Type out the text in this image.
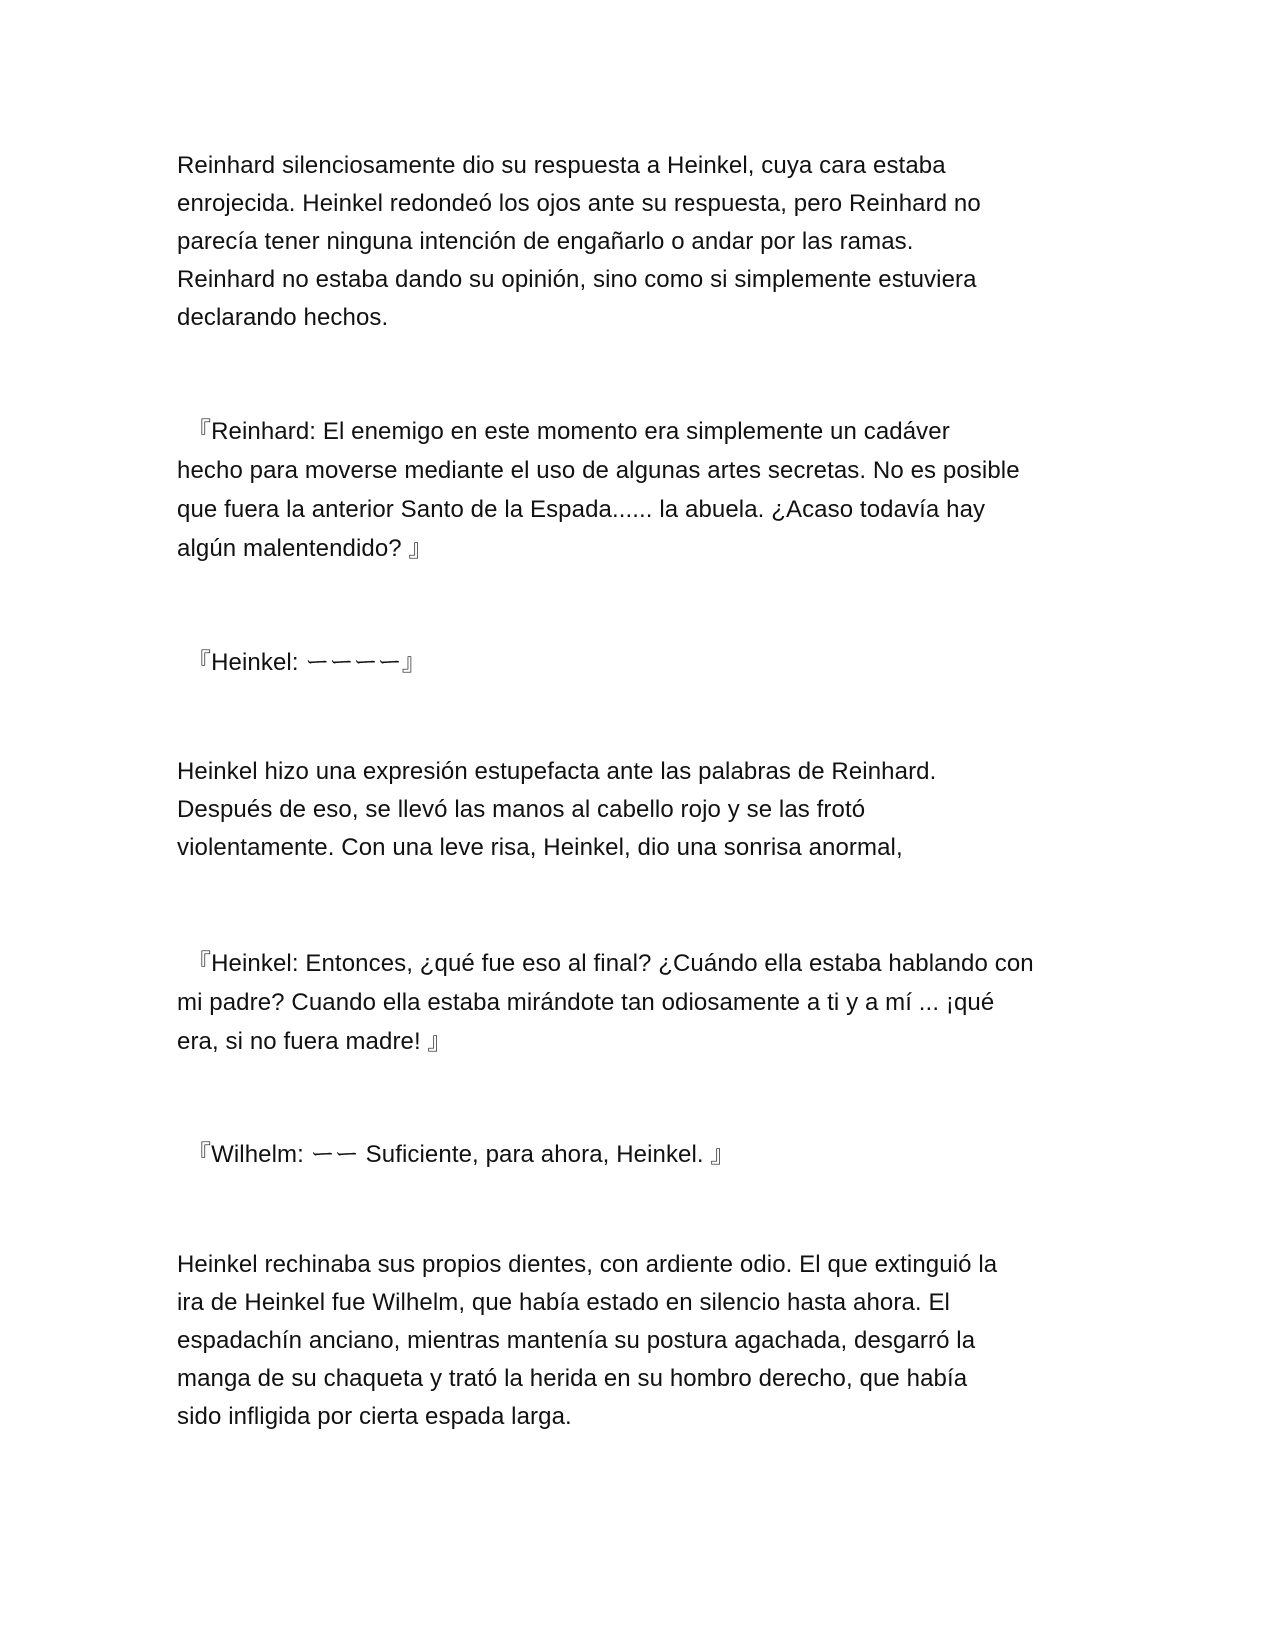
Reinhard silenciosamente dio su respuesta a Heinkel, cuya cara estaba
enrojecida. Heinkel redondeó los ojos ante su respuesta, pero Reinhard no
parecía tener ninguna intención de engañarlo o andar por las ramas.
Reinhard no estaba dando su opinión, sino como si simplemente estuviera
declarando hechos.

『Reinhard: El enemigo en este momento era simplemente un cadáver
hecho para moverse mediante el uso de algunas artes secretas. No es posible
que fuera la anterior Santo de la Espada...... la abuela. ¿Acaso todavía hay
algún malentendido? 』

『Heinkel: ーーーー』

Heinkel hizo una expresión estupefacta ante las palabras de Reinhard.
Después de eso, se llevó las manos al cabello rojo y se las frotó
violentamente. Con una leve risa, Heinkel, dio una sonrisa anormal,

『Heinkel: Entonces, ¿qué fue eso al final? ¿Cuándo ella estaba hablando con
mi padre? Cuando ella estaba mirándote tan odiosamente a ti y a mí ... ¡qué
era, si no fuera madre! 』

『Wilhelm: ーー Suficiente, para ahora, Heinkel. 』

Heinkel rechinaba sus propios dientes, con ardiente odio. El que extinguió la
ira de Heinkel fue Wilhelm, que había estado en silencio hasta ahora. El
espadachín anciano, mientras mantenía su postura agachada, desgarró la
manga de su chaqueta y trató la herida en su hombro derecho, que había
sido infligida por cierta espada larga.
